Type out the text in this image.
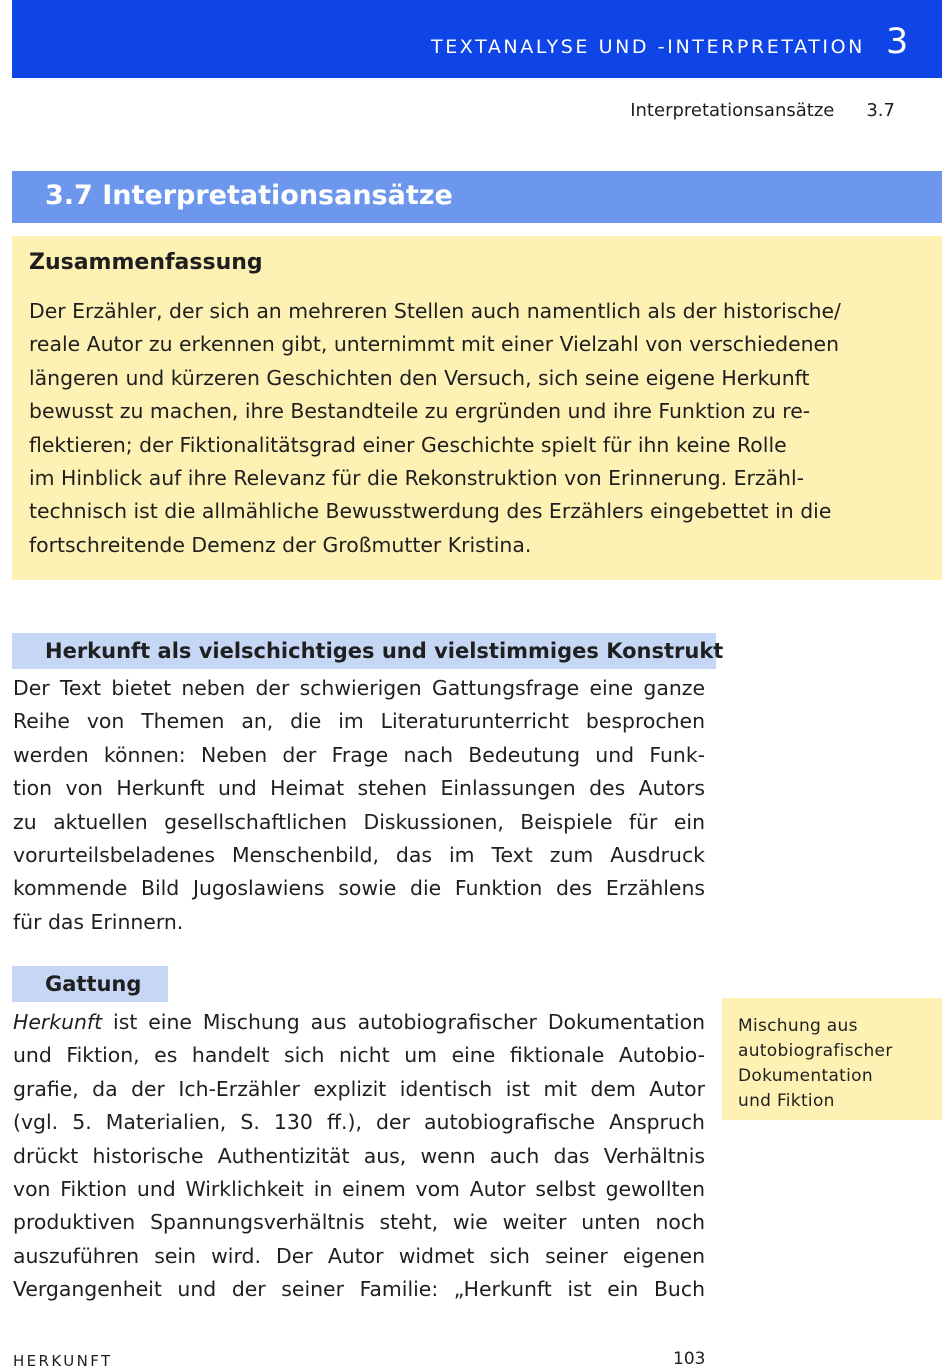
TEXTANALYSE UND -INTERPRETATION 3
Interpretationsansätze 3.7
3.7 Interpretationsansätze
Zusammenfassung
Der Erzähler, der sich an mehreren Stellen auch namentlich als der historische/
reale Autor zu erkennen gibt, unternimmt mit einer Vielzahl von verschiedenen
längeren und kürzeren Geschichten den Versuch, sich seine eigene Herkunft
bewusst zu machen, ihre Bestandteile zu ergründen und ihre Funktion zu re-
flektieren; der Fiktionalitätsgrad einer Geschichte spielt für ihn keine Rolle
im Hinblick auf ihre Relevanz für die Rekonstruktion von Erinnerung. Erzähl-
technisch ist die allmähliche Bewusstwerdung des Erzählers eingebettet in die
fortschreitende Demenz der Großmutter Kristina.
Herkunft als vielschichtiges und vielstimmiges Konstrukt
Der Text bietet neben der schwierigen Gattungsfrage eine ganze
Reihe von Themen an, die im Literaturunterricht besprochen
werden können: Neben der Frage nach Bedeutung und Funk-
tion von Herkunft und Heimat stehen Einlassungen des Autors
zu aktuellen gesellschaftlichen Diskussionen, Beispiele für ein
vorurteilsbeladenes Menschenbild, das im Text zum Ausdruck
kommende Bild Jugoslawiens sowie die Funktion des Erzählens
für das Erinnern.
Gattung
Herkunft ist eine Mischung aus autobiografischer Dokumentation
und Fiktion, es handelt sich nicht um eine fiktionale Autobio-
grafie, da der Ich-Erzähler explizit identisch ist mit dem Autor
(vgl. 5. Materialien, S. 130 ff.), der autobiografische Anspruch
drückt historische Authentizität aus, wenn auch das Verhältnis
von Fiktion und Wirklichkeit in einem vom Autor selbst gewollten
produktiven Spannungsverhältnis steht, wie weiter unten noch
auszuführen sein wird. Der Autor widmet sich seiner eigenen
Vergangenheit und der seiner Familie: „Herkunft ist ein Buch
Mischung aus
autobiografischer
Dokumentation
und Fiktion
HERKUNFT	103
